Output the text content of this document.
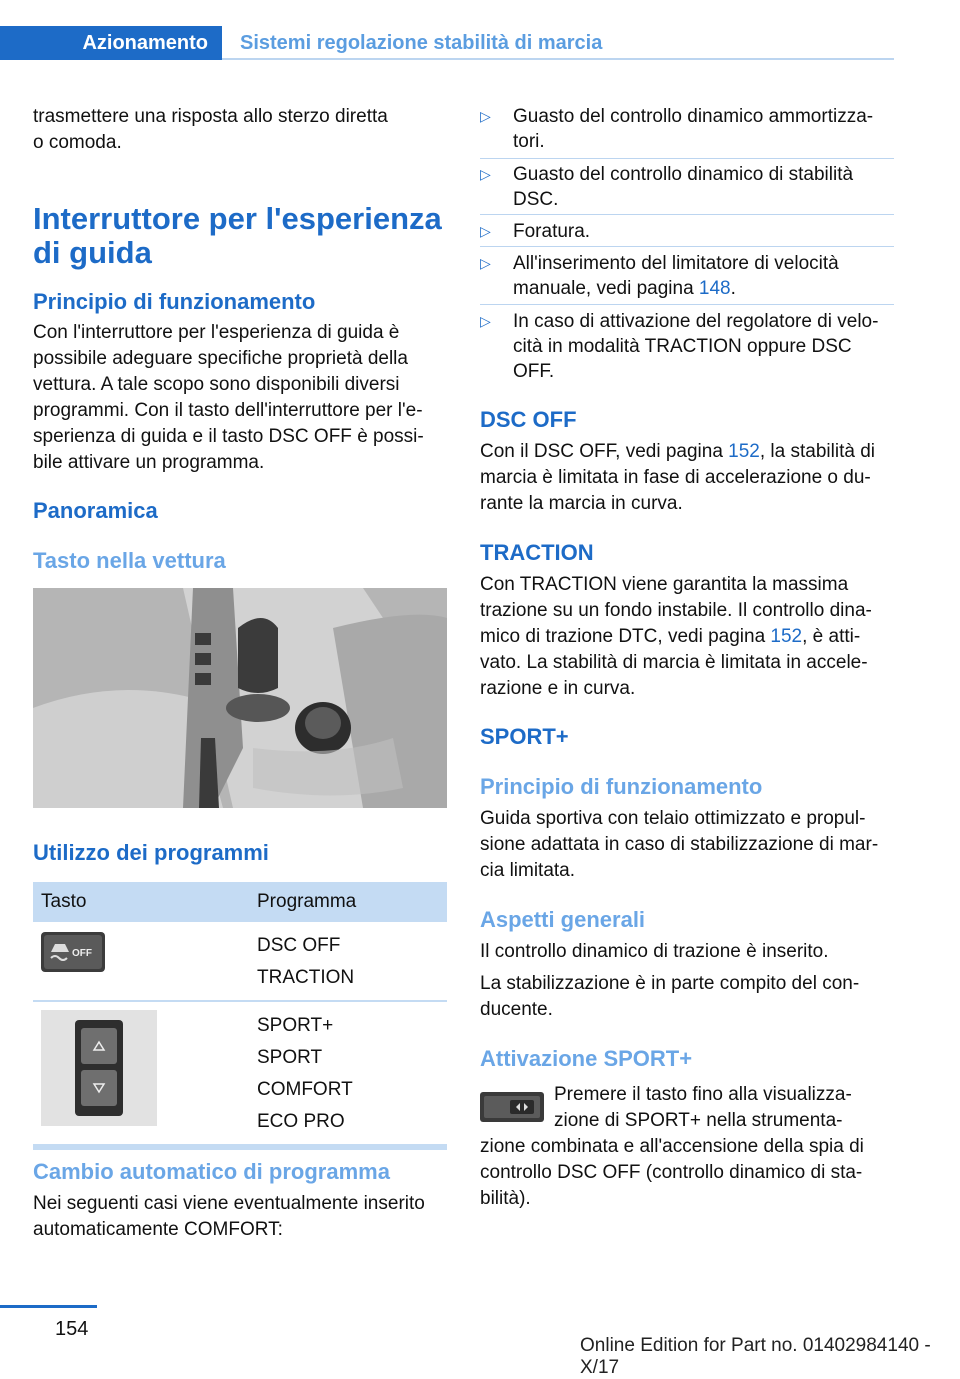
Azionamento	Sistemi regolazione stabilità di marcia

trasmettere una risposta allo sterzo diretta

o comoda.

Interruttore per l'esperienza
di guida
Principio di funzionamento

Con l'interruttore per l'esperienza di guida è

possibile adeguare specifiche proprietà della

vettura. A tale scopo sono disponibili diversi

programmi. Con il tasto dell'interruttore per l'e-

sperienza di guida e il tasto DSC OFF è possi-

bile attivare un programma.

Panoramica
Tasto nella vettura
Utilizzo dei programmi
Tasto	Programma

OFF	DSC OFF
TRACTION

SPORT+
SPORT
COMFORT
ECO PRO
Cambio automatico di programma

Nei seguenti casi viene eventualmente inserito

automaticamente COMFORT:

▷ Guasto del controllo dinamico ammortizza-
tori.
▷ Guasto del controllo dinamico di stabilità
DSC.
▷ Foratura.
▷ All'inserimento del limitatore di velocità
manuale, vedi pagina 148.
▷ In caso di attivazione del regolatore di velo-
cità in modalità TRACTION oppure DSC
OFF.
DSC OFF

Con il DSC OFF, vedi pagina 152, la stabilità di

marcia è limitata in fase di accelerazione o du-

rante la marcia in curva.

TRACTION

Con TRACTION viene garantita la massima

trazione su un fondo instabile. Il controllo dina-

mico di trazione DTC, vedi pagina 152, è atti-

vato. La stabilità di marcia è limitata in accele-

razione e in curva.

SPORT+
Principio di funzionamento

Guida sportiva con telaio ottimizzato e propul-

sione adattata in caso di stabilizzazione di mar-

cia limitata.

Aspetti generali

Il controllo dinamico di trazione è inserito.

La stabilizzazione è in parte compito del con-

ducente.

Attivazione SPORT+

Premere il tasto fino alla visualizza-

zione di SPORT+ nella strumenta-

zione combinata e all'accensione della spia di

controllo DSC OFF (controllo dinamico di sta-

bilità).

154
Online Edition for Part no. 01402984140 - X/17
